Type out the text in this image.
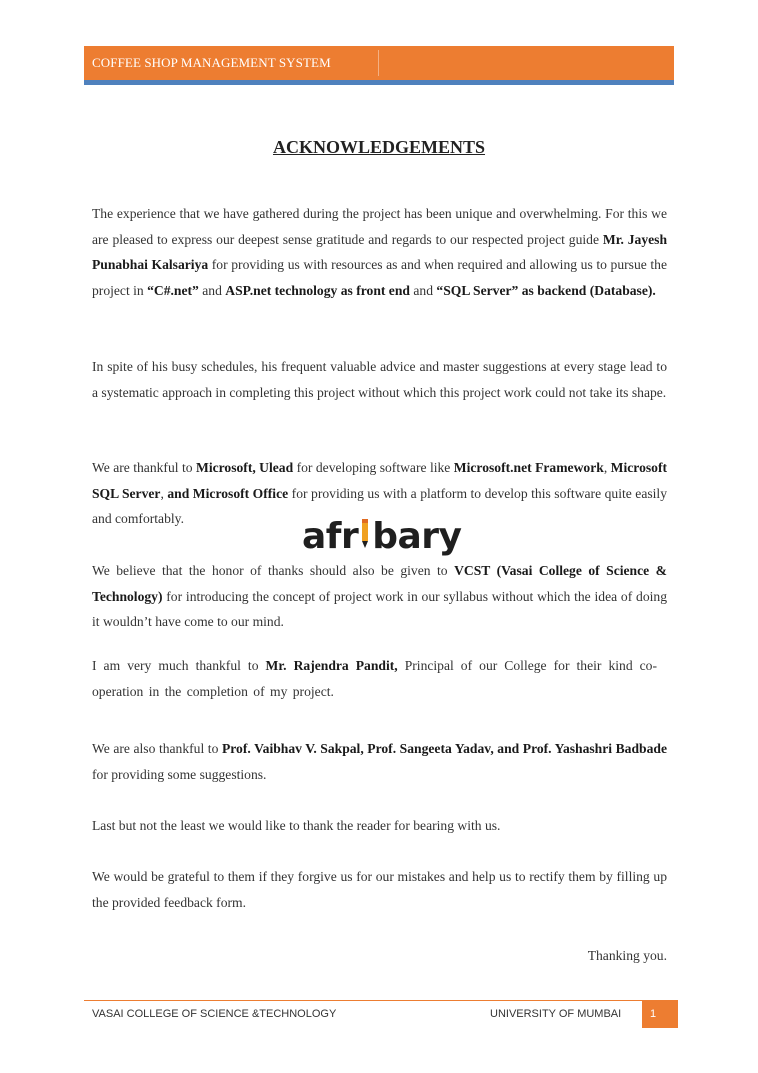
COFFEE SHOP MANAGEMENT SYSTEM
ACKNOWLEDGEMENTS

The experience that we have gathered during the project has been unique and overwhelming. For this we are pleased to express our deepest sense gratitude and regards to our respected project guide Mr. Jayesh Punabhai Kalsariya for providing us with resources as and when required and allowing us to pursue the project in “C#.net” and ASP.net technology as front end and “SQL Server” as backend (Database).

In spite of his busy schedules, his frequent valuable advice and master suggestions at every stage lead to a systematic approach in completing this project without which this project work could not take its shape.

We are thankful to Microsoft, Ulead for developing software like Microsoft.net Framework, Microsoft SQL Server, and Microsoft Office for providing us with a platform to develop this software quite easily and comfortably.	afr bary

We believe that the honor of thanks should also be given to VCST (Vasai College of Science & Technology) for introducing the concept of project work in our syllabus without which the idea of doing it wouldn’t have come to our mind.

I am very much thankful to Mr. Rajendra Pandit, Principal of our College for their kind co-operation in the completion of my project.

We are also thankful to Prof. Vaibhav V. Sakpal, Prof. Sangeeta Yadav, and Prof. Yashashri Badbade for providing some suggestions.

Last but not the least we would like to thank the reader for bearing with us.

We would be grateful to them if they forgive us for our mistakes and help us to rectify them by filling up the provided feedback form.

Thanking you.
VASAI COLLEGE OF SCIENCE &TECHNOLOGY	UNIVERSITY OF MUMBAI	1
